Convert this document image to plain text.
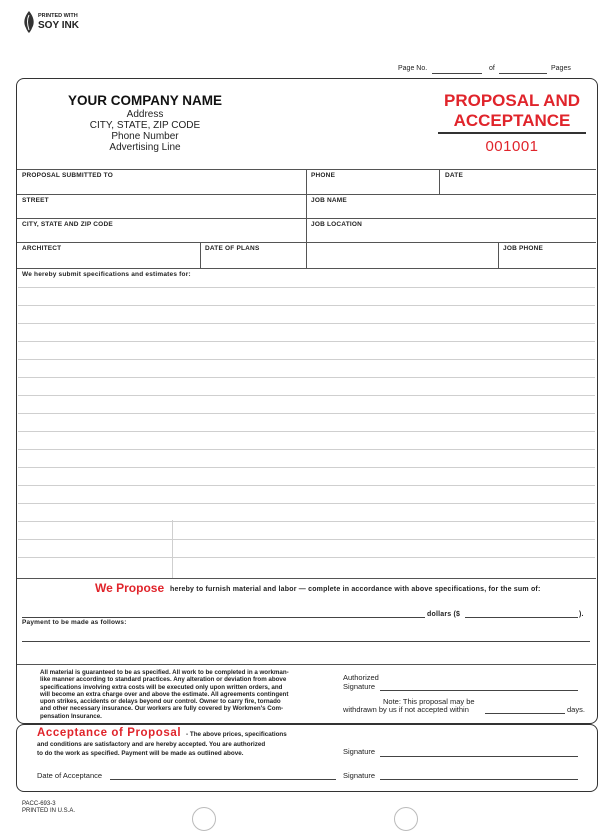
PRINTED WITH
SOY INK
Page No.	of	Pages
YOUR COMPANY NAME
Address
CITY, STATE, ZIP CODE
Phone Number
Advertising Line
PROPOSAL AND
ACCEPTANCE
001001
PROPOSAL SUBMITTED TO	PHONE	DATE
STREET	JOB NAME
CITY, STATE AND ZIP CODE	JOB LOCATION
ARCHITECT	DATE OF PLANS	JOB PHONE
We hereby submit specifications and estimates for:
We Propose hereby to furnish material and labor — complete in accordance with above specifications, for the sum of:
dollars ($	).
Payment to be made as follows:
All material is guaranteed to be as specified. All work to be completed in a workman-
like manner according to standard practices. Any alteration or deviation from above
specifications involving extra costs will be executed only upon written orders, and
will become an extra charge over and above the estimate. All agreements contingent
upon strikes, accidents or delays beyond our control. Owner to carry fire, tornado
and other necessary insurance. Our workers are fully covered by Workmen's Com-
pensation Insurance.
Authorized
Signature
Note: This proposal may be
withdrawn by us if not accepted within	days.
Acceptance of Proposal - The above prices, specifications
and conditions are satisfactory and are hereby accepted. You are authorized
to do the work as specified. Payment will be made as outlined above.	Signature
Date of Acceptance	Signature
PACC-693-3
PRINTED IN U.S.A.
